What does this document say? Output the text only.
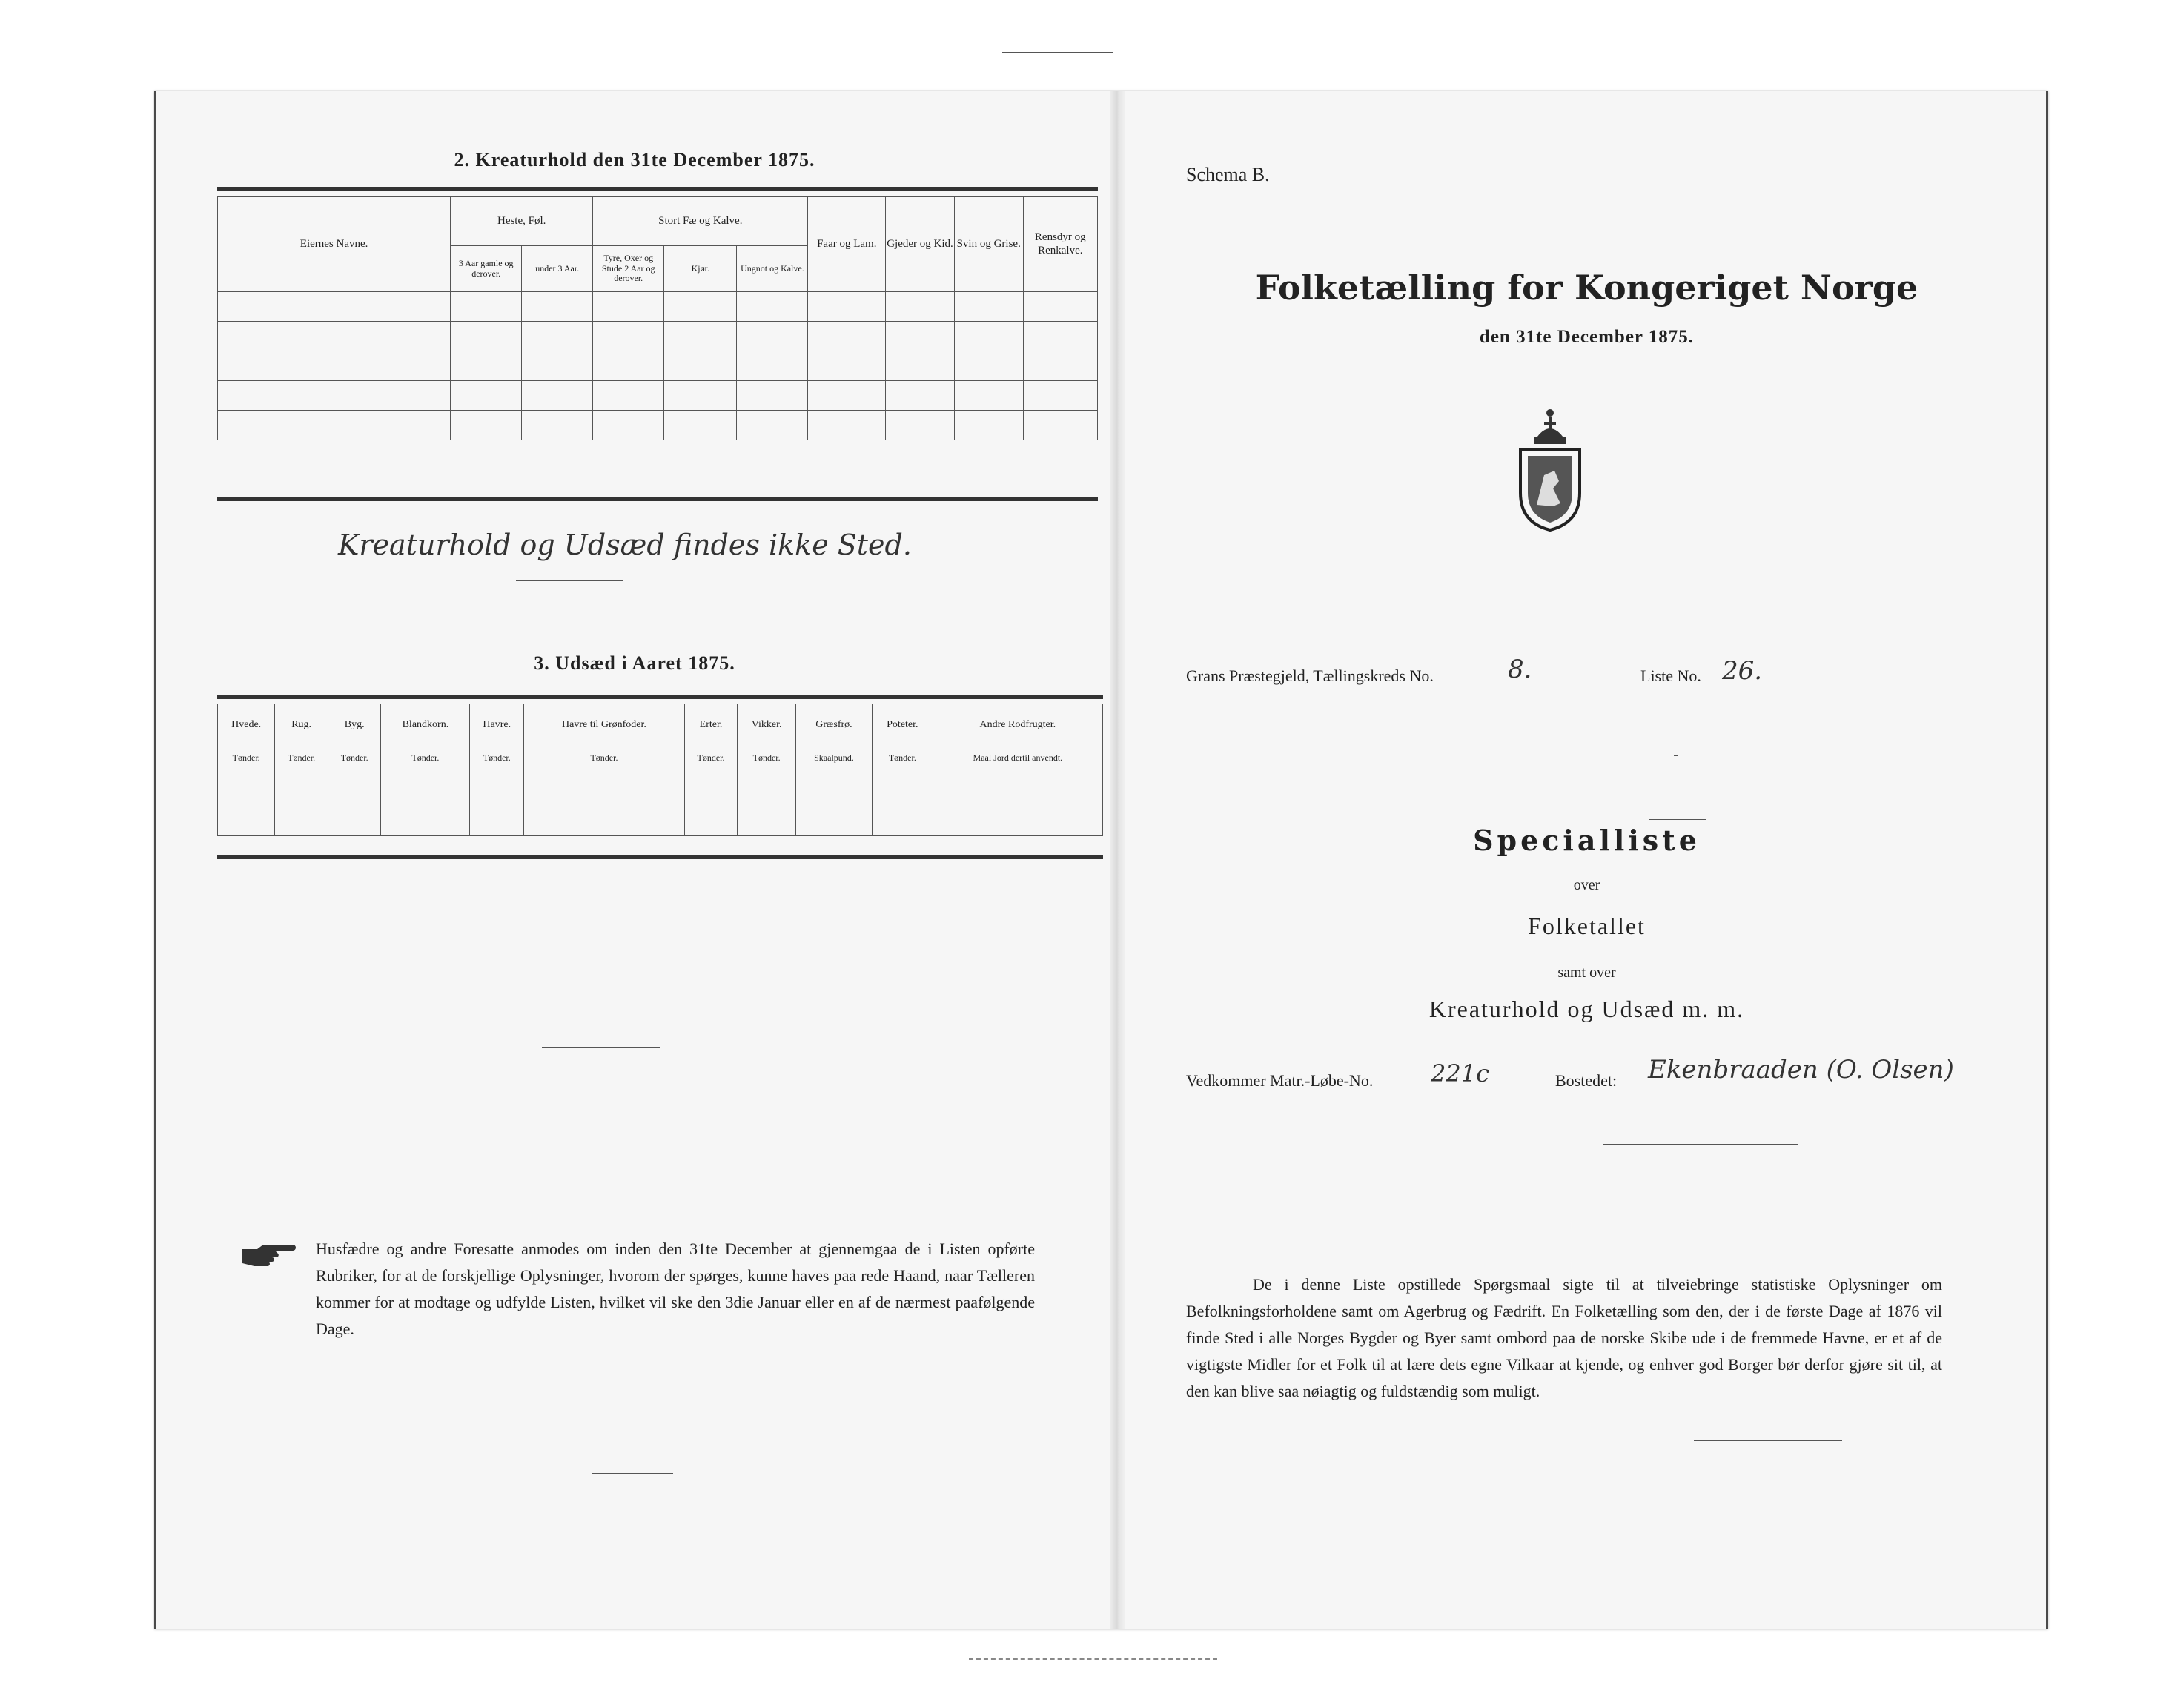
2. Kreaturhold den 31te December 1875.
Eiernes Navne.	Heste, Føl.		Stort Fæ og Kalve.			Faar og Lam.	Gjeder og Kid.	Svin og Grise.	Rensdyr og Renkalve.
	3 Aar gamle og derover.	under 3 Aar.	Tyre, Oxer og Stude 2 Aar og derover.	Kjør.	Ungnot og Kalve.				

Kreaturhold og Udsæd findes ikke Sted.
3. Udsæd i Aaret 1875.
Hvede.	Rug.	Byg.	Blandkorn.	Havre.	Havre til Grønfoder.	Erter.	Vikker.	Græsfrø.	Poteter.	Andre Rodfrugter.
Tønder.	Tønder.	Tønder.	Tønder.	Tønder.	Tønder.	Tønder.	Tønder.	Skaalpund.	Tønder.	Maal Jord dertil anvendt.

Husfædre og andre Foresatte anmodes om inden den 31te December at gjennemgaa de i Listen opførte Rubriker, for at de forskjellige Oplysninger, hvorom der spørges, kunne haves paa rede Haand, naar Tælleren kommer for at modtage og udfylde Listen, hvilket vil ske den 3die Januar eller en af de nærmest paafølgende Dage.
Schema B.
Folketælling for Kongeriget Norge
den 31te December 1875.
Grans Præstegjeld, Tællingskreds No.	8.	Liste No. 26.
Specialliste
over
Folketallet
samt over
Kreaturhold og Udsæd m. m.
Vedkommer Matr.-Løbe-No. 221c	Bostedet: Ekenbraaden (O. Olsen)
De i denne Liste opstillede Spørgsmaal sigte til at tilveiebringe statistiske Oplysninger om Befolkningsforholdene samt om Agerbrug og Fædrift. En Folketælling som den, der i de første Dage af 1876 vil finde Sted i alle Norges Bygder og Byer samt ombord paa de norske Skibe ude i de fremmede Havne, er et af de vigtigste Midler for et Folk til at lære dets egne Vilkaar at kjende, og enhver god Borger bør derfor gjøre sit til, at den kan blive saa nøiagtig og fuldstændig som muligt.
